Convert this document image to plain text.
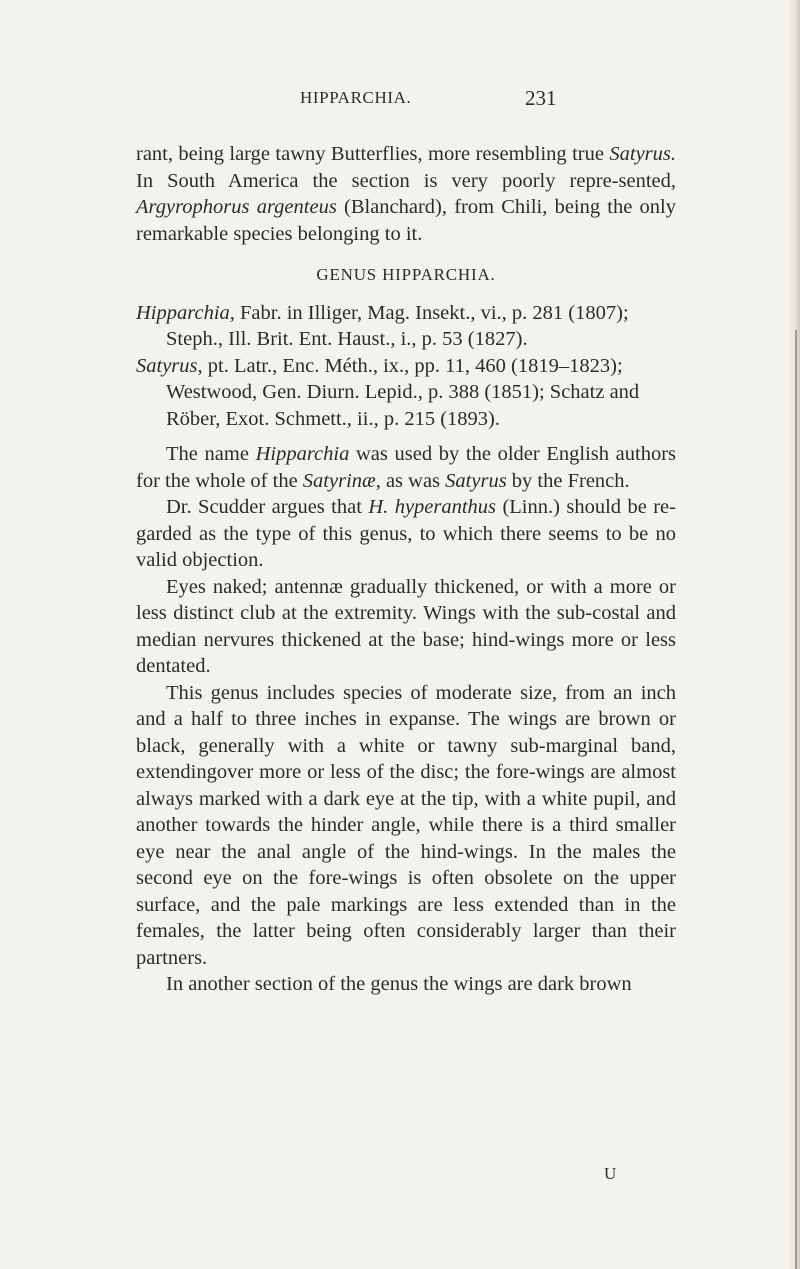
HIPPARCHIA.	231

rant, being large tawny Butterflies, more resembling true Satyrus. In South America the section is very poorly repre-sented, Argyrophorus argenteus (Blanchard), from Chili, being the only remarkable species belonging to it.

GENUS HIPPARCHIA.

Hipparchia, Fabr. in Illiger, Mag. Insekt., vi., p. 281 (1807); Steph., Ill. Brit. Ent. Haust., i., p. 53 (1827).

Satyrus, pt. Latr., Enc. Méth., ix., pp. 11, 460 (1819–1823); Westwood, Gen. Diurn. Lepid., p. 388 (1851); Schatz and Röber, Exot. Schmett., ii., p. 215 (1893).

The name Hipparchia was used by the older English authors for the whole of the Satyrinæ, as was Satyrus by the French.

Dr. Scudder argues that H. hyperanthus (Linn.) should be re-garded as the type of this genus, to which there seems to be no valid objection.

Eyes naked; antennæ gradually thickened, or with a more or less distinct club at the extremity. Wings with the sub-costal and median nervures thickened at the base; hind-wings more or less dentated.

This genus includes species of moderate size, from an inch and a half to three inches in expanse. The wings are brown or black, generally with a white or tawny sub-marginal band, extendingover more or less of the disc; the fore-wings are almost always marked with a dark eye at the tip, with a white pupil, and another towards the hinder angle, while there is a third smaller eye near the anal angle of the hind-wings. In the males the second eye on the fore-wings is often obsolete on the upper surface, and the pale markings are less extended than in the females, the latter being often considerably larger than their partners.

In another section of the genus the wings are dark brown

U
